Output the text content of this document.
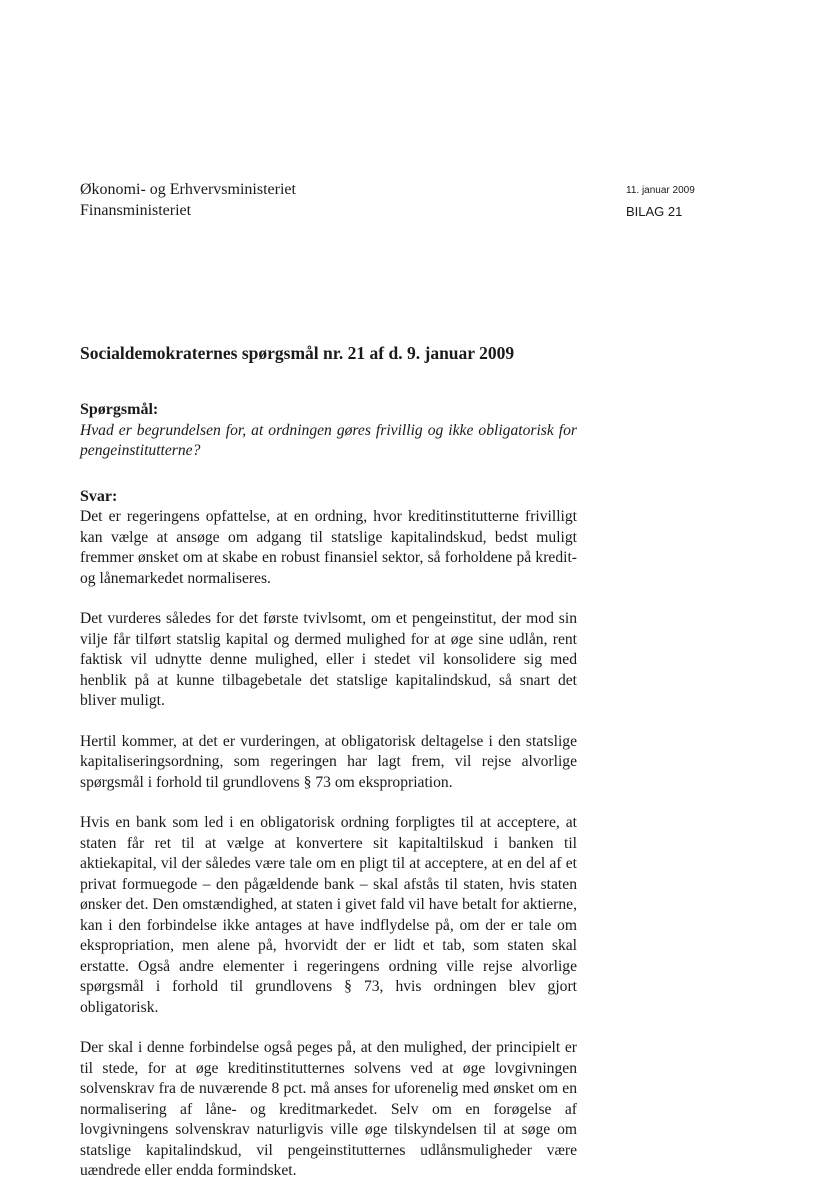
Økonomi- og Erhvervsministeriet
Finansministeriet
11. januar 2009
BILAG 21
Socialdemokraternes spørgsmål nr. 21 af d. 9. januar 2009
Spørgsmål:

Hvad er begrundelsen for, at ordningen gøres frivillig og ikke obligatorisk for pengeinstitutterne?

Svar:

Det er regeringens opfattelse, at en ordning, hvor kreditinstitutterne frivilligt kan vælge at ansøge om adgang til statslige kapitalindskud, bedst muligt fremmer ønsket om at skabe en robust finansiel sektor, så forholdene på kredit- og lånemarkedet normaliseres.

Det vurderes således for det første tvivlsomt, om et pengeinstitut, der mod sin vilje får tilført statslig kapital og dermed mulighed for at øge sine udlån, rent faktisk vil udnytte denne mulighed, eller i stedet vil konsolidere sig med henblik på at kunne tilbagebetale det statslige kapitalindskud, så snart det bliver muligt.

Hertil kommer, at det er vurderingen, at obligatorisk deltagelse i den statslige kapitaliseringsordning, som regeringen har lagt frem, vil rejse alvorlige spørgsmål i forhold til grundlovens § 73 om ekspropriation.

Hvis en bank som led i en obligatorisk ordning forpligtes til at acceptere, at staten får ret til at vælge at konvertere sit kapitaltilskud i banken til aktiekapital, vil der således være tale om en pligt til at acceptere, at en del af et privat formuegode – den pågældende bank – skal afstås til staten, hvis staten ønsker det. Den omstændighed, at staten i givet fald vil have betalt for aktierne, kan i den forbindelse ikke antages at have indflydelse på, om der er tale om ekspropriation, men alene på, hvorvidt der er lidt et tab, som staten skal erstatte. Også andre elementer i regeringens ordning ville rejse alvorlige spørgsmål i forhold til grundlovens § 73, hvis ordningen blev gjort obligatorisk.

Der skal i denne forbindelse også peges på, at den mulighed, der principielt er til stede, for at øge kreditinstitutternes solvens ved at øge lovgivningen solvenskrav fra de nuværende 8 pct. må anses for uforenelig med ønsket om en normalisering af låne- og kreditmarkedet. Selv om en forøgelse af lovgivningens solvenskrav naturligvis ville øge tilskyndelsen til at søge om statslige kapitalindskud, vil pengeinstitutternes udlånsmuligheder være uændrede eller endda formindsket.
